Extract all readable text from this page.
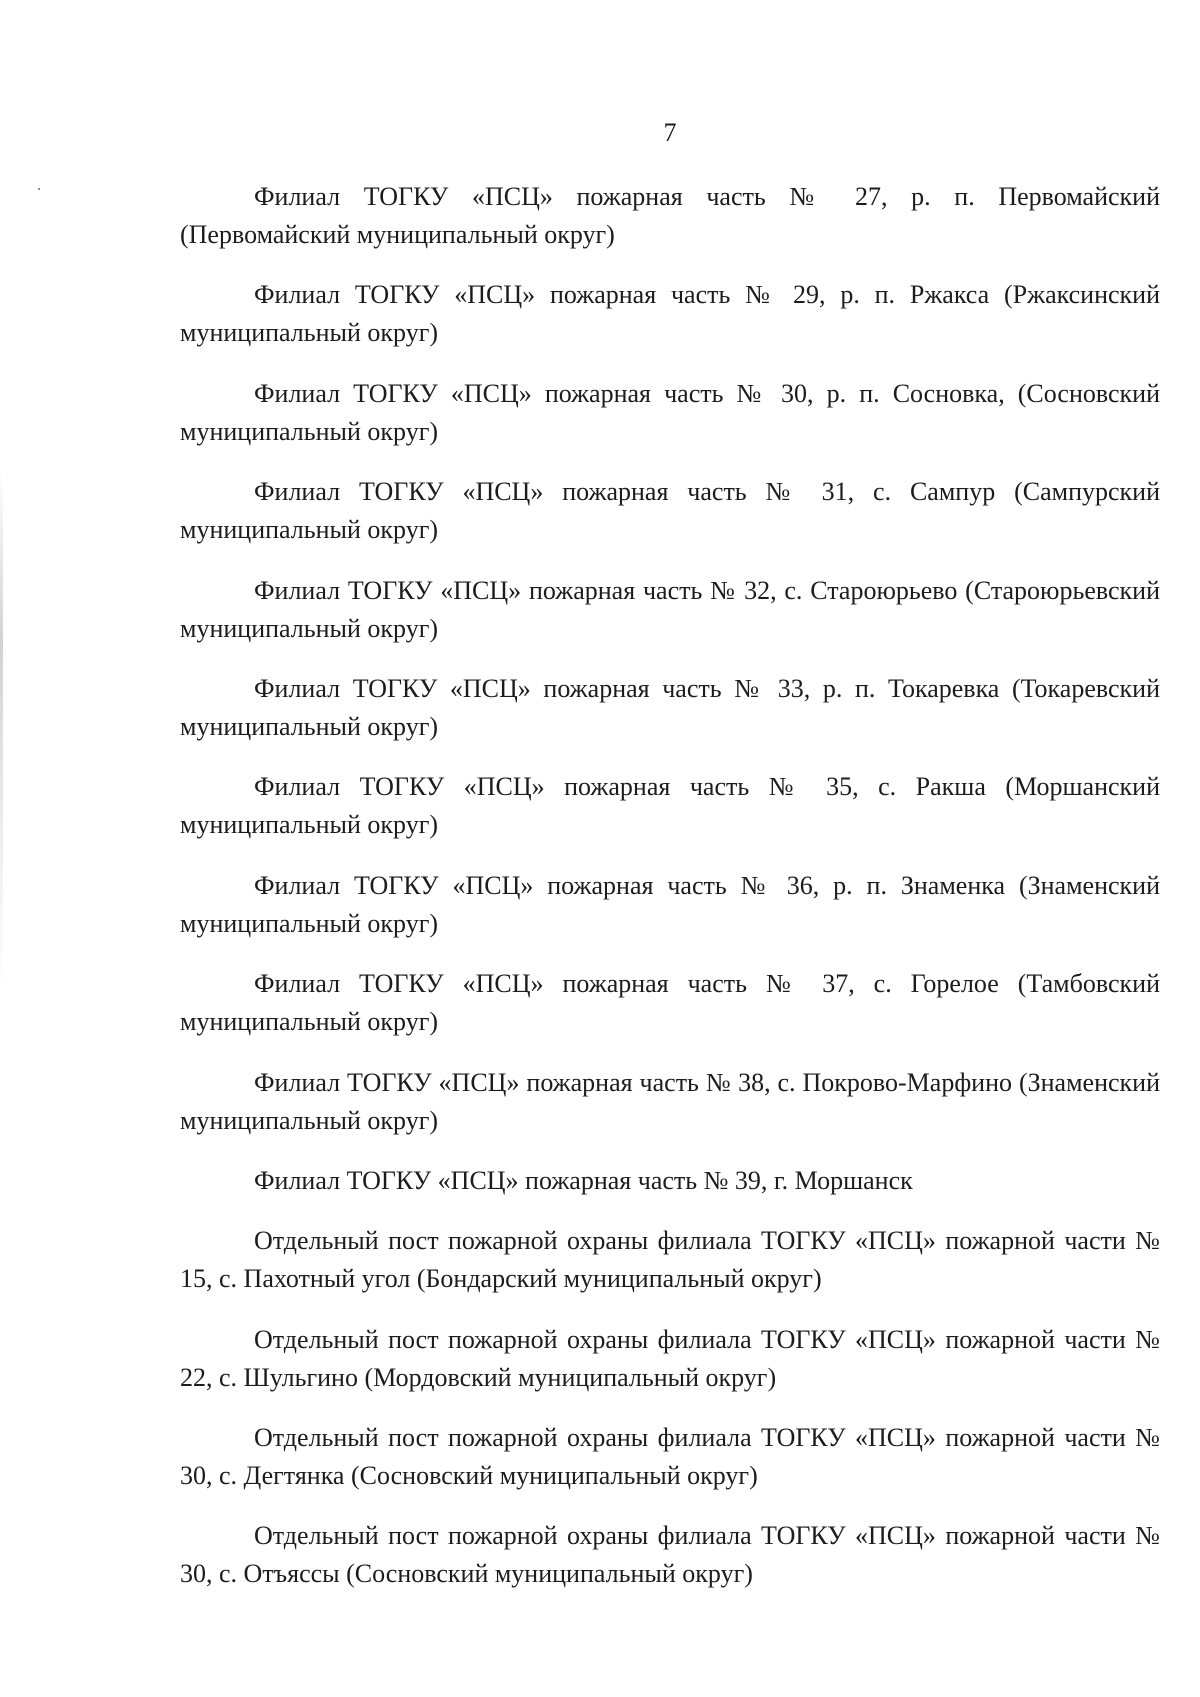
7

Филиал ТОГКУ «ПСЦ» пожарная часть № 27, р. п. Первомайский (Первомайский муниципальный округ)

Филиал ТОГКУ «ПСЦ» пожарная часть № 29, р. п. Ржакса (Ржаксинский муниципальный округ)

Филиал ТОГКУ «ПСЦ» пожарная часть № 30, р. п. Сосновка, (Сосновский муниципальный округ)

Филиал ТОГКУ «ПСЦ» пожарная часть № 31, с. Сампур (Сампурский муниципальный округ)

Филиал ТОГКУ «ПСЦ» пожарная часть № 32, с. Староюрьево (Староюрьевский муниципальный округ)

Филиал ТОГКУ «ПСЦ» пожарная часть № 33, р. п. Токаревка (Токаревский муниципальный округ)

Филиал ТОГКУ «ПСЦ» пожарная часть № 35, с. Ракша (Моршанский муниципальный округ)

Филиал ТОГКУ «ПСЦ» пожарная часть № 36, р. п. Знаменка (Знаменский муниципальный округ)

Филиал ТОГКУ «ПСЦ» пожарная часть № 37, с. Горелое (Тамбовский муниципальный округ)

Филиал ТОГКУ «ПСЦ» пожарная часть № 38, с. Покрово-Марфино (Знаменский муниципальный округ)

Филиал ТОГКУ «ПСЦ» пожарная часть № 39, г. Моршанск

Отдельный пост пожарной охраны филиала ТОГКУ «ПСЦ» пожарной части № 15, с. Пахотный угол (Бондарский муниципальный округ)

Отдельный пост пожарной охраны филиала ТОГКУ «ПСЦ» пожарной части № 22, с. Шульгино (Мордовский муниципальный округ)

Отдельный пост пожарной охраны филиала ТОГКУ «ПСЦ» пожарной части № 30, с. Дегтянка (Сосновский муниципальный округ)

Отдельный пост пожарной охраны филиала ТОГКУ «ПСЦ» пожарной части № 30, с. Отъяссы (Сосновский муниципальный округ)
